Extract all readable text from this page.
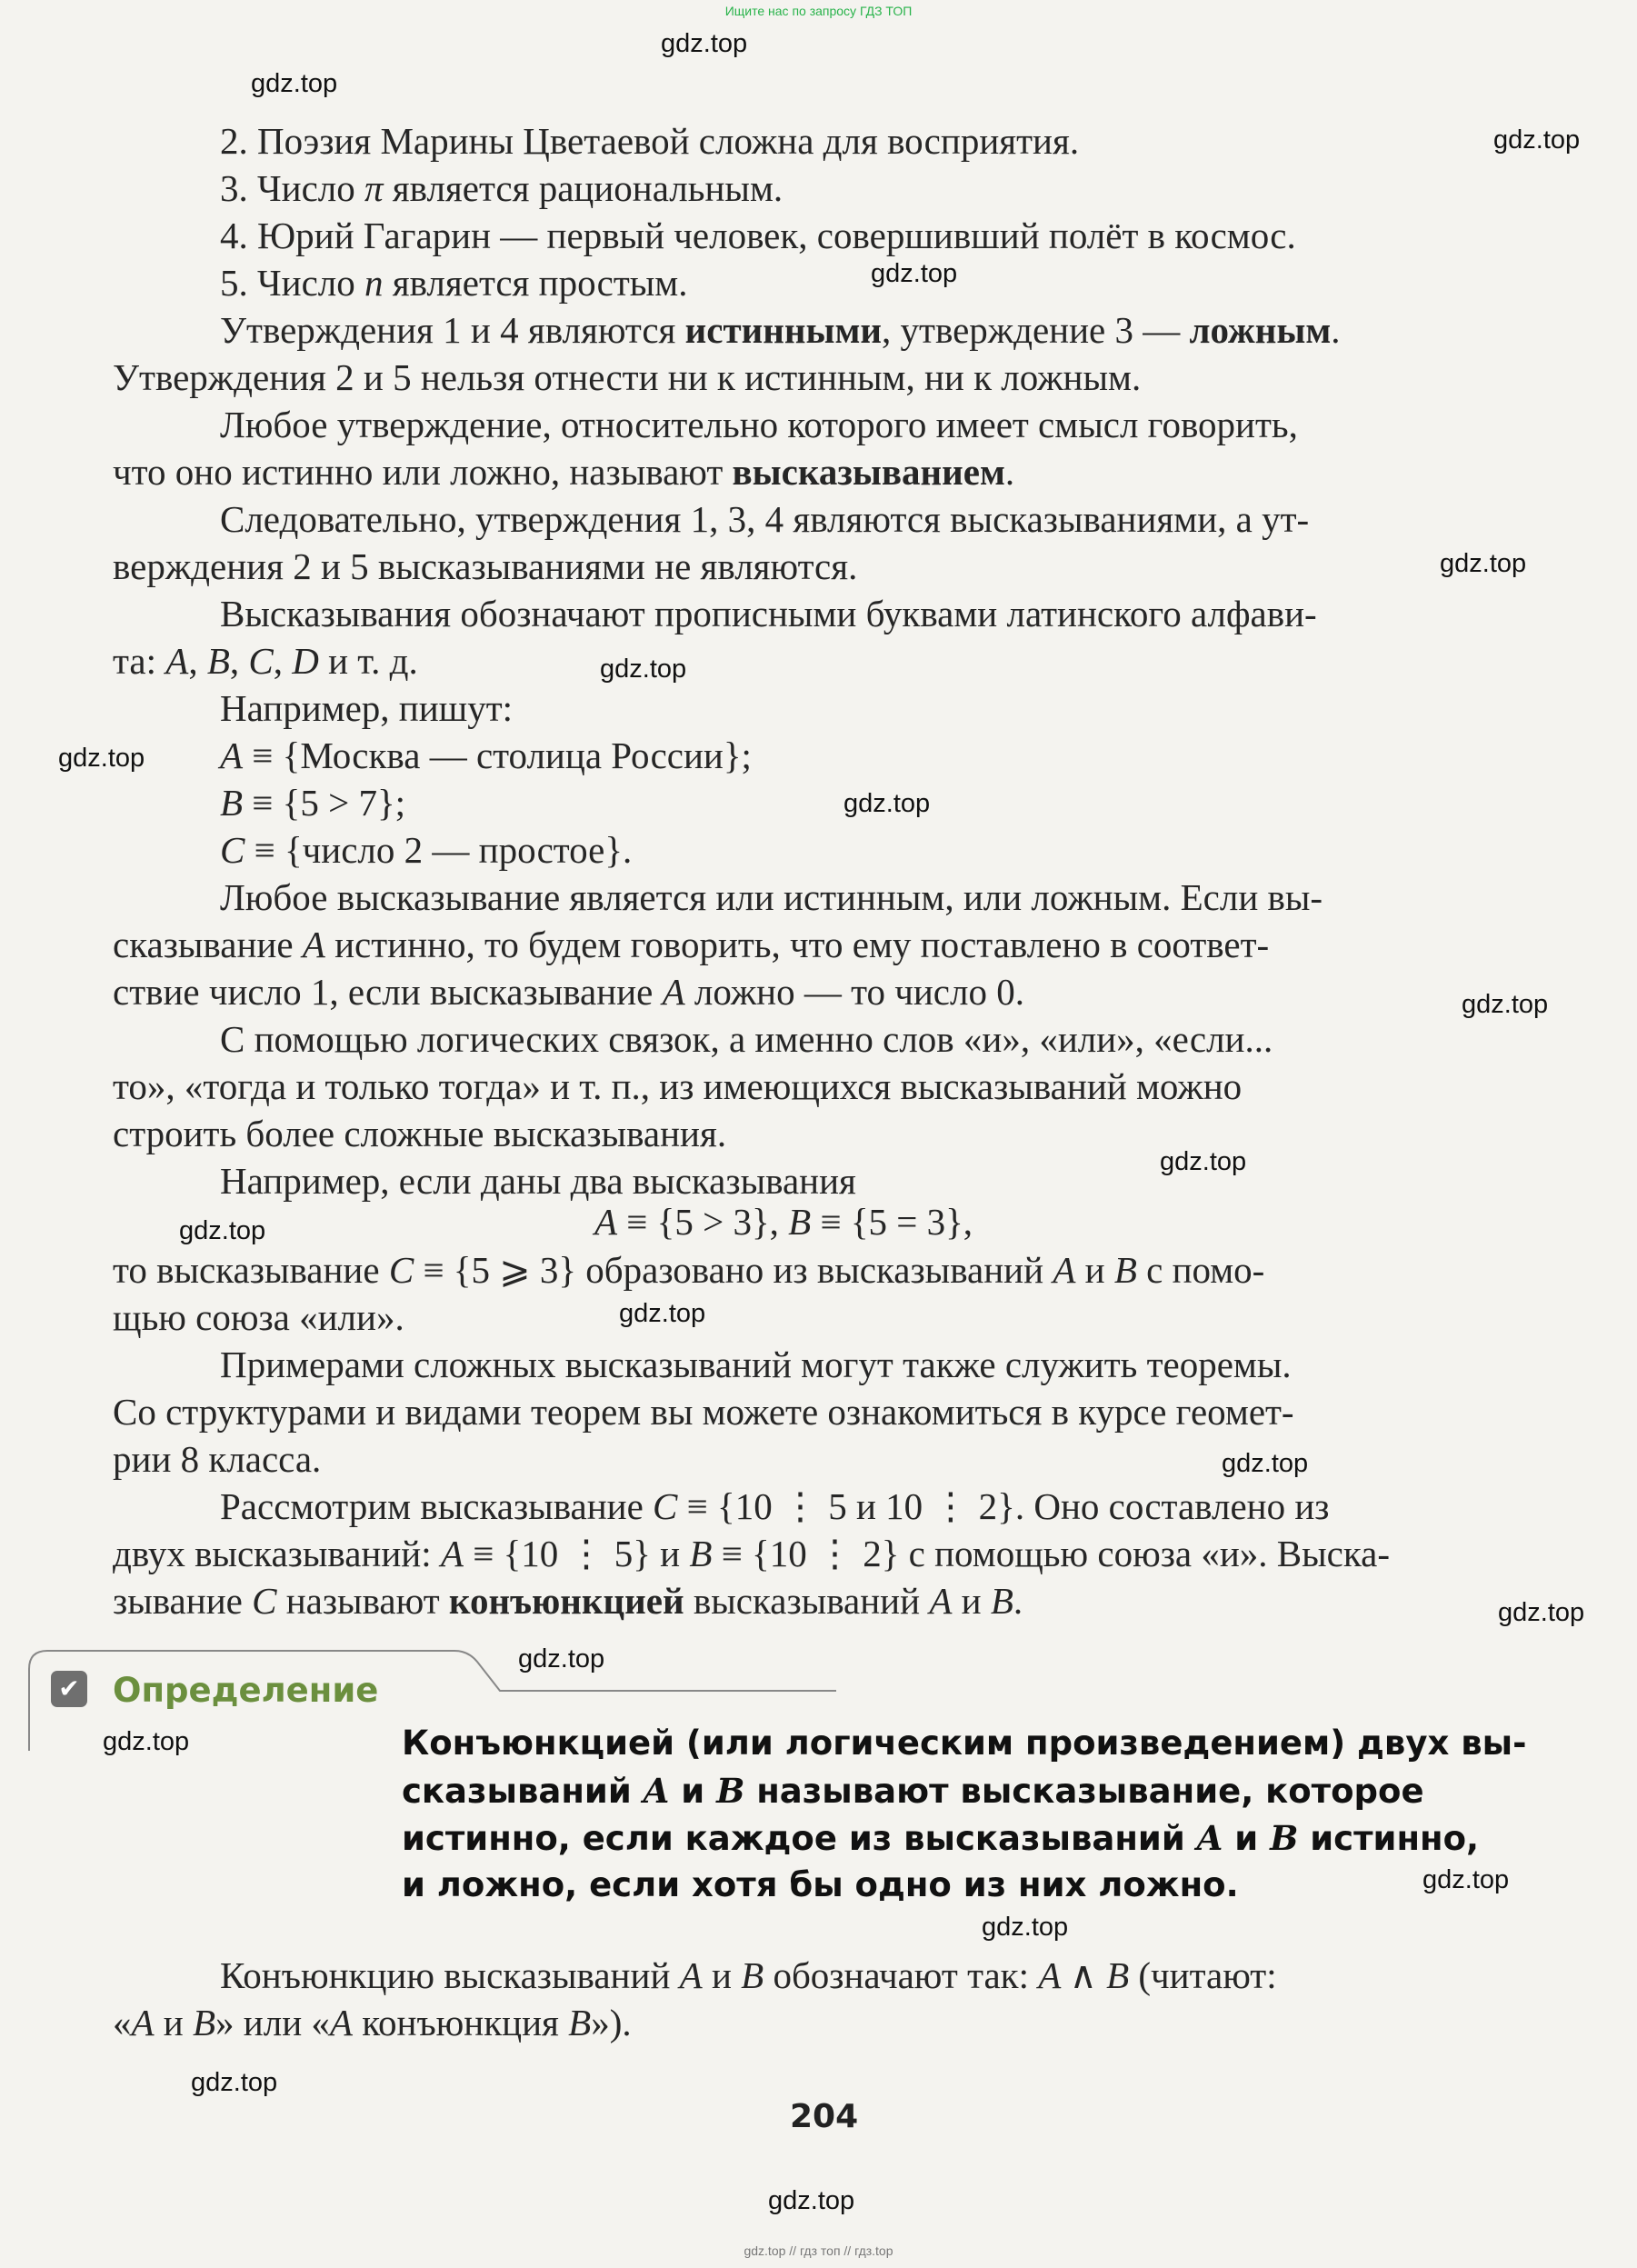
Ищите нас по запросу ГДЗ ТОП
gdz.top
gdz.top
gdz.top
gdz.top
gdz.top
gdz.top
gdz.top
gdz.top
gdz.top
gdz.top
gdz.top
gdz.top
gdz.top
gdz.top
gdz.top
gdz.top
gdz.top
gdz.top
gdz.top
gdz.top
2. Поэзия Марины Цветаевой сложна для восприятия.
3. Число π является рациональным.
4. Юрий Гагарин — первый человек, совершивший полёт в космос.
5. Число n является простым.
Утверждения 1 и 4 являются истинными, утверждение 3 — ложным.
Утверждения 2 и 5 нельзя отнести ни к истинным, ни к ложным.
Любое утверждение, относительно которого имеет смысл говорить,
что оно истинно или ложно, называют высказыванием.
Следовательно, утверждения 1, 3, 4 являются высказываниями, а ут-
верждения 2 и 5 высказываниями не являются.
Высказывания обозначают прописными буквами латинского алфави-
та: A, B, C, D и т. д.
Например, пишут:
A ≡ {Москва — столица России};
B ≡ {5 > 7};
C ≡ {число 2 — простое}.
Любое высказывание является или истинным, или ложным. Если вы-
сказывание A истинно, то будем говорить, что ему поставлено в соответ-
ствие число 1, если высказывание A ложно — то число 0.
С помощью логических связок, а именно слов «и», «или», «если...
то», «тогда и только тогда» и т. п., из имеющихся высказываний можно
строить более сложные высказывания.
Например, если даны два высказывания
A ≡ {5 > 3}, B ≡ {5 = 3},
то высказывание C ≡ {5 ⩾ 3} образовано из высказываний A и B с помо-
щью союза «или».
Примерами сложных высказываний могут также служить теоремы.
Со структурами и видами теорем вы можете ознакомиться в курсе геомет-
рии 8 класса.
Рассмотрим высказывание C ≡ {10 ⋮ 5 и 10 ⋮ 2}. Оно составлено из
двух высказываний: A ≡ {10 ⋮ 5} и B ≡ {10 ⋮ 2} с помощью союза «и». Выска-
зывание C называют конъюнкцией высказываний A и B.
✔ Определение
Конъюнкцией (или логическим произведением) двух вы-
сказываний A и B называют высказывание, которое
истинно, если каждое из высказываний A и B истинно,
и ложно, если хотя бы одно из них ложно.
Конъюнкцию высказываний A и B обозначают так: A ∧ B (читают:
«A и B» или «A конъюнкция B»).
204
gdz.top // гдз топ // гдз.top
